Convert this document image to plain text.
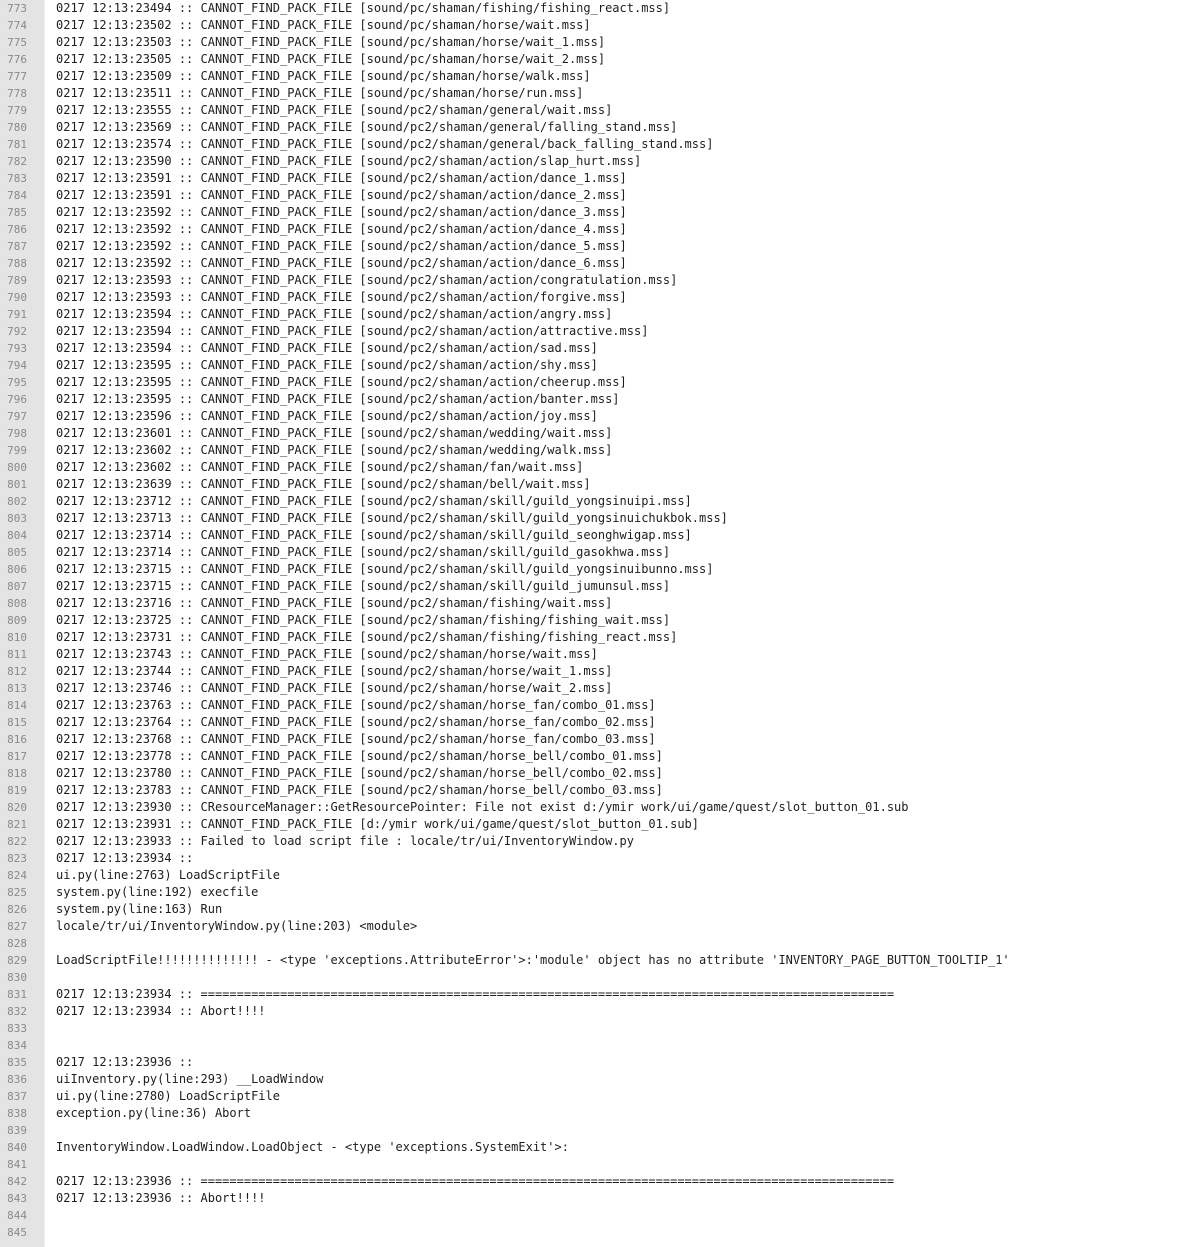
773 0217 12:13:23494 :: CANNOT_FIND_PACK_FILE [sound/pc/shaman/fishing/fishing_react.mss]
774 0217 12:13:23502 :: CANNOT_FIND_PACK_FILE [sound/pc/shaman/horse/wait.mss]
775 0217 12:13:23503 :: CANNOT_FIND_PACK_FILE [sound/pc/shaman/horse/wait_1.mss]
776 0217 12:13:23505 :: CANNOT_FIND_PACK_FILE [sound/pc/shaman/horse/wait_2.mss]
777 0217 12:13:23509 :: CANNOT_FIND_PACK_FILE [sound/pc/shaman/horse/walk.mss]
778 0217 12:13:23511 :: CANNOT_FIND_PACK_FILE [sound/pc/shaman/horse/run.mss]
779 0217 12:13:23555 :: CANNOT_FIND_PACK_FILE [sound/pc2/shaman/general/wait.mss]
780 0217 12:13:23569 :: CANNOT_FIND_PACK_FILE [sound/pc2/shaman/general/falling_stand.mss]
781 0217 12:13:23574 :: CANNOT_FIND_PACK_FILE [sound/pc2/shaman/general/back_falling_stand.mss]
782 0217 12:13:23590 :: CANNOT_FIND_PACK_FILE [sound/pc2/shaman/action/slap_hurt.mss]
783 0217 12:13:23591 :: CANNOT_FIND_PACK_FILE [sound/pc2/shaman/action/dance_1.mss]
784 0217 12:13:23591 :: CANNOT_FIND_PACK_FILE [sound/pc2/shaman/action/dance_2.mss]
785 0217 12:13:23592 :: CANNOT_FIND_PACK_FILE [sound/pc2/shaman/action/dance_3.mss]
786 0217 12:13:23592 :: CANNOT_FIND_PACK_FILE [sound/pc2/shaman/action/dance_4.mss]
787 0217 12:13:23592 :: CANNOT_FIND_PACK_FILE [sound/pc2/shaman/action/dance_5.mss]
788 0217 12:13:23592 :: CANNOT_FIND_PACK_FILE [sound/pc2/shaman/action/dance_6.mss]
789 0217 12:13:23593 :: CANNOT_FIND_PACK_FILE [sound/pc2/shaman/action/congratulation.mss]
790 0217 12:13:23593 :: CANNOT_FIND_PACK_FILE [sound/pc2/shaman/action/forgive.mss]
791 0217 12:13:23594 :: CANNOT_FIND_PACK_FILE [sound/pc2/shaman/action/angry.mss]
792 0217 12:13:23594 :: CANNOT_FIND_PACK_FILE [sound/pc2/shaman/action/attractive.mss]
793 0217 12:13:23594 :: CANNOT_FIND_PACK_FILE [sound/pc2/shaman/action/sad.mss]
794 0217 12:13:23595 :: CANNOT_FIND_PACK_FILE [sound/pc2/shaman/action/shy.mss]
795 0217 12:13:23595 :: CANNOT_FIND_PACK_FILE [sound/pc2/shaman/action/cheerup.mss]
796 0217 12:13:23595 :: CANNOT_FIND_PACK_FILE [sound/pc2/shaman/action/banter.mss]
797 0217 12:13:23596 :: CANNOT_FIND_PACK_FILE [sound/pc2/shaman/action/joy.mss]
798 0217 12:13:23601 :: CANNOT_FIND_PACK_FILE [sound/pc2/shaman/wedding/wait.mss]
799 0217 12:13:23602 :: CANNOT_FIND_PACK_FILE [sound/pc2/shaman/wedding/walk.mss]
800 0217 12:13:23602 :: CANNOT_FIND_PACK_FILE [sound/pc2/shaman/fan/wait.mss]
801 0217 12:13:23639 :: CANNOT_FIND_PACK_FILE [sound/pc2/shaman/bell/wait.mss]
802 0217 12:13:23712 :: CANNOT_FIND_PACK_FILE [sound/pc2/shaman/skill/guild_yongsinuipi.mss]
803 0217 12:13:23713 :: CANNOT_FIND_PACK_FILE [sound/pc2/shaman/skill/guild_yongsinuichukbok.mss]
804 0217 12:13:23714 :: CANNOT_FIND_PACK_FILE [sound/pc2/shaman/skill/guild_seonghwigap.mss]
805 0217 12:13:23714 :: CANNOT_FIND_PACK_FILE [sound/pc2/shaman/skill/guild_gasokhwa.mss]
806 0217 12:13:23715 :: CANNOT_FIND_PACK_FILE [sound/pc2/shaman/skill/guild_yongsinuibunno.mss]
807 0217 12:13:23715 :: CANNOT_FIND_PACK_FILE [sound/pc2/shaman/skill/guild_jumunsul.mss]
808 0217 12:13:23716 :: CANNOT_FIND_PACK_FILE [sound/pc2/shaman/fishing/wait.mss]
809 0217 12:13:23725 :: CANNOT_FIND_PACK_FILE [sound/pc2/shaman/fishing/fishing_wait.mss]
810 0217 12:13:23731 :: CANNOT_FIND_PACK_FILE [sound/pc2/shaman/fishing/fishing_react.mss]
811 0217 12:13:23743 :: CANNOT_FIND_PACK_FILE [sound/pc2/shaman/horse/wait.mss]
812 0217 12:13:23744 :: CANNOT_FIND_PACK_FILE [sound/pc2/shaman/horse/wait_1.mss]
813 0217 12:13:23746 :: CANNOT_FIND_PACK_FILE [sound/pc2/shaman/horse/wait_2.mss]
814 0217 12:13:23763 :: CANNOT_FIND_PACK_FILE [sound/pc2/shaman/horse_fan/combo_01.mss]
815 0217 12:13:23764 :: CANNOT_FIND_PACK_FILE [sound/pc2/shaman/horse_fan/combo_02.mss]
816 0217 12:13:23768 :: CANNOT_FIND_PACK_FILE [sound/pc2/shaman/horse_fan/combo_03.mss]
817 0217 12:13:23778 :: CANNOT_FIND_PACK_FILE [sound/pc2/shaman/horse_bell/combo_01.mss]
818 0217 12:13:23780 :: CANNOT_FIND_PACK_FILE [sound/pc2/shaman/horse_bell/combo_02.mss]
819 0217 12:13:23783 :: CANNOT_FIND_PACK_FILE [sound/pc2/shaman/horse_bell/combo_03.mss]
820 0217 12:13:23930 :: CResourceManager::GetResourcePointer: File not exist d:/ymir work/ui/game/quest/slot_button_01.sub
821 0217 12:13:23931 :: CANNOT_FIND_PACK_FILE [d:/ymir work/ui/game/quest/slot_button_01.sub]
822 0217 12:13:23933 :: Failed to load script file : locale/tr/ui/InventoryWindow.py
823 0217 12:13:23934 ::
824 ui.py(line:2763) LoadScriptFile
825 system.py(line:192) execfile
826 system.py(line:163) Run
827 locale/tr/ui/InventoryWindow.py(line:203) <module>
828
829 LoadScriptFile!!!!!!!!!!!!!! - <type 'exceptions.AttributeError'>:'module' object has no attribute 'INVENTORY_PAGE_BUTTON_TOOLTIP_1'
830
831 0217 12:13:23934 :: ================================================================================================
832 0217 12:13:23934 :: Abort!!!!
833
834
835 0217 12:13:23936 ::
836 uiInventory.py(line:293) __LoadWindow
837 ui.py(line:2780) LoadScriptFile
838 exception.py(line:36) Abort
839
840 InventoryWindow.LoadWindow.LoadObject - <type 'exceptions.SystemExit'>:
841
842 0217 12:13:23936 :: ================================================================================================
843 0217 12:13:23936 :: Abort!!!!
844
845
